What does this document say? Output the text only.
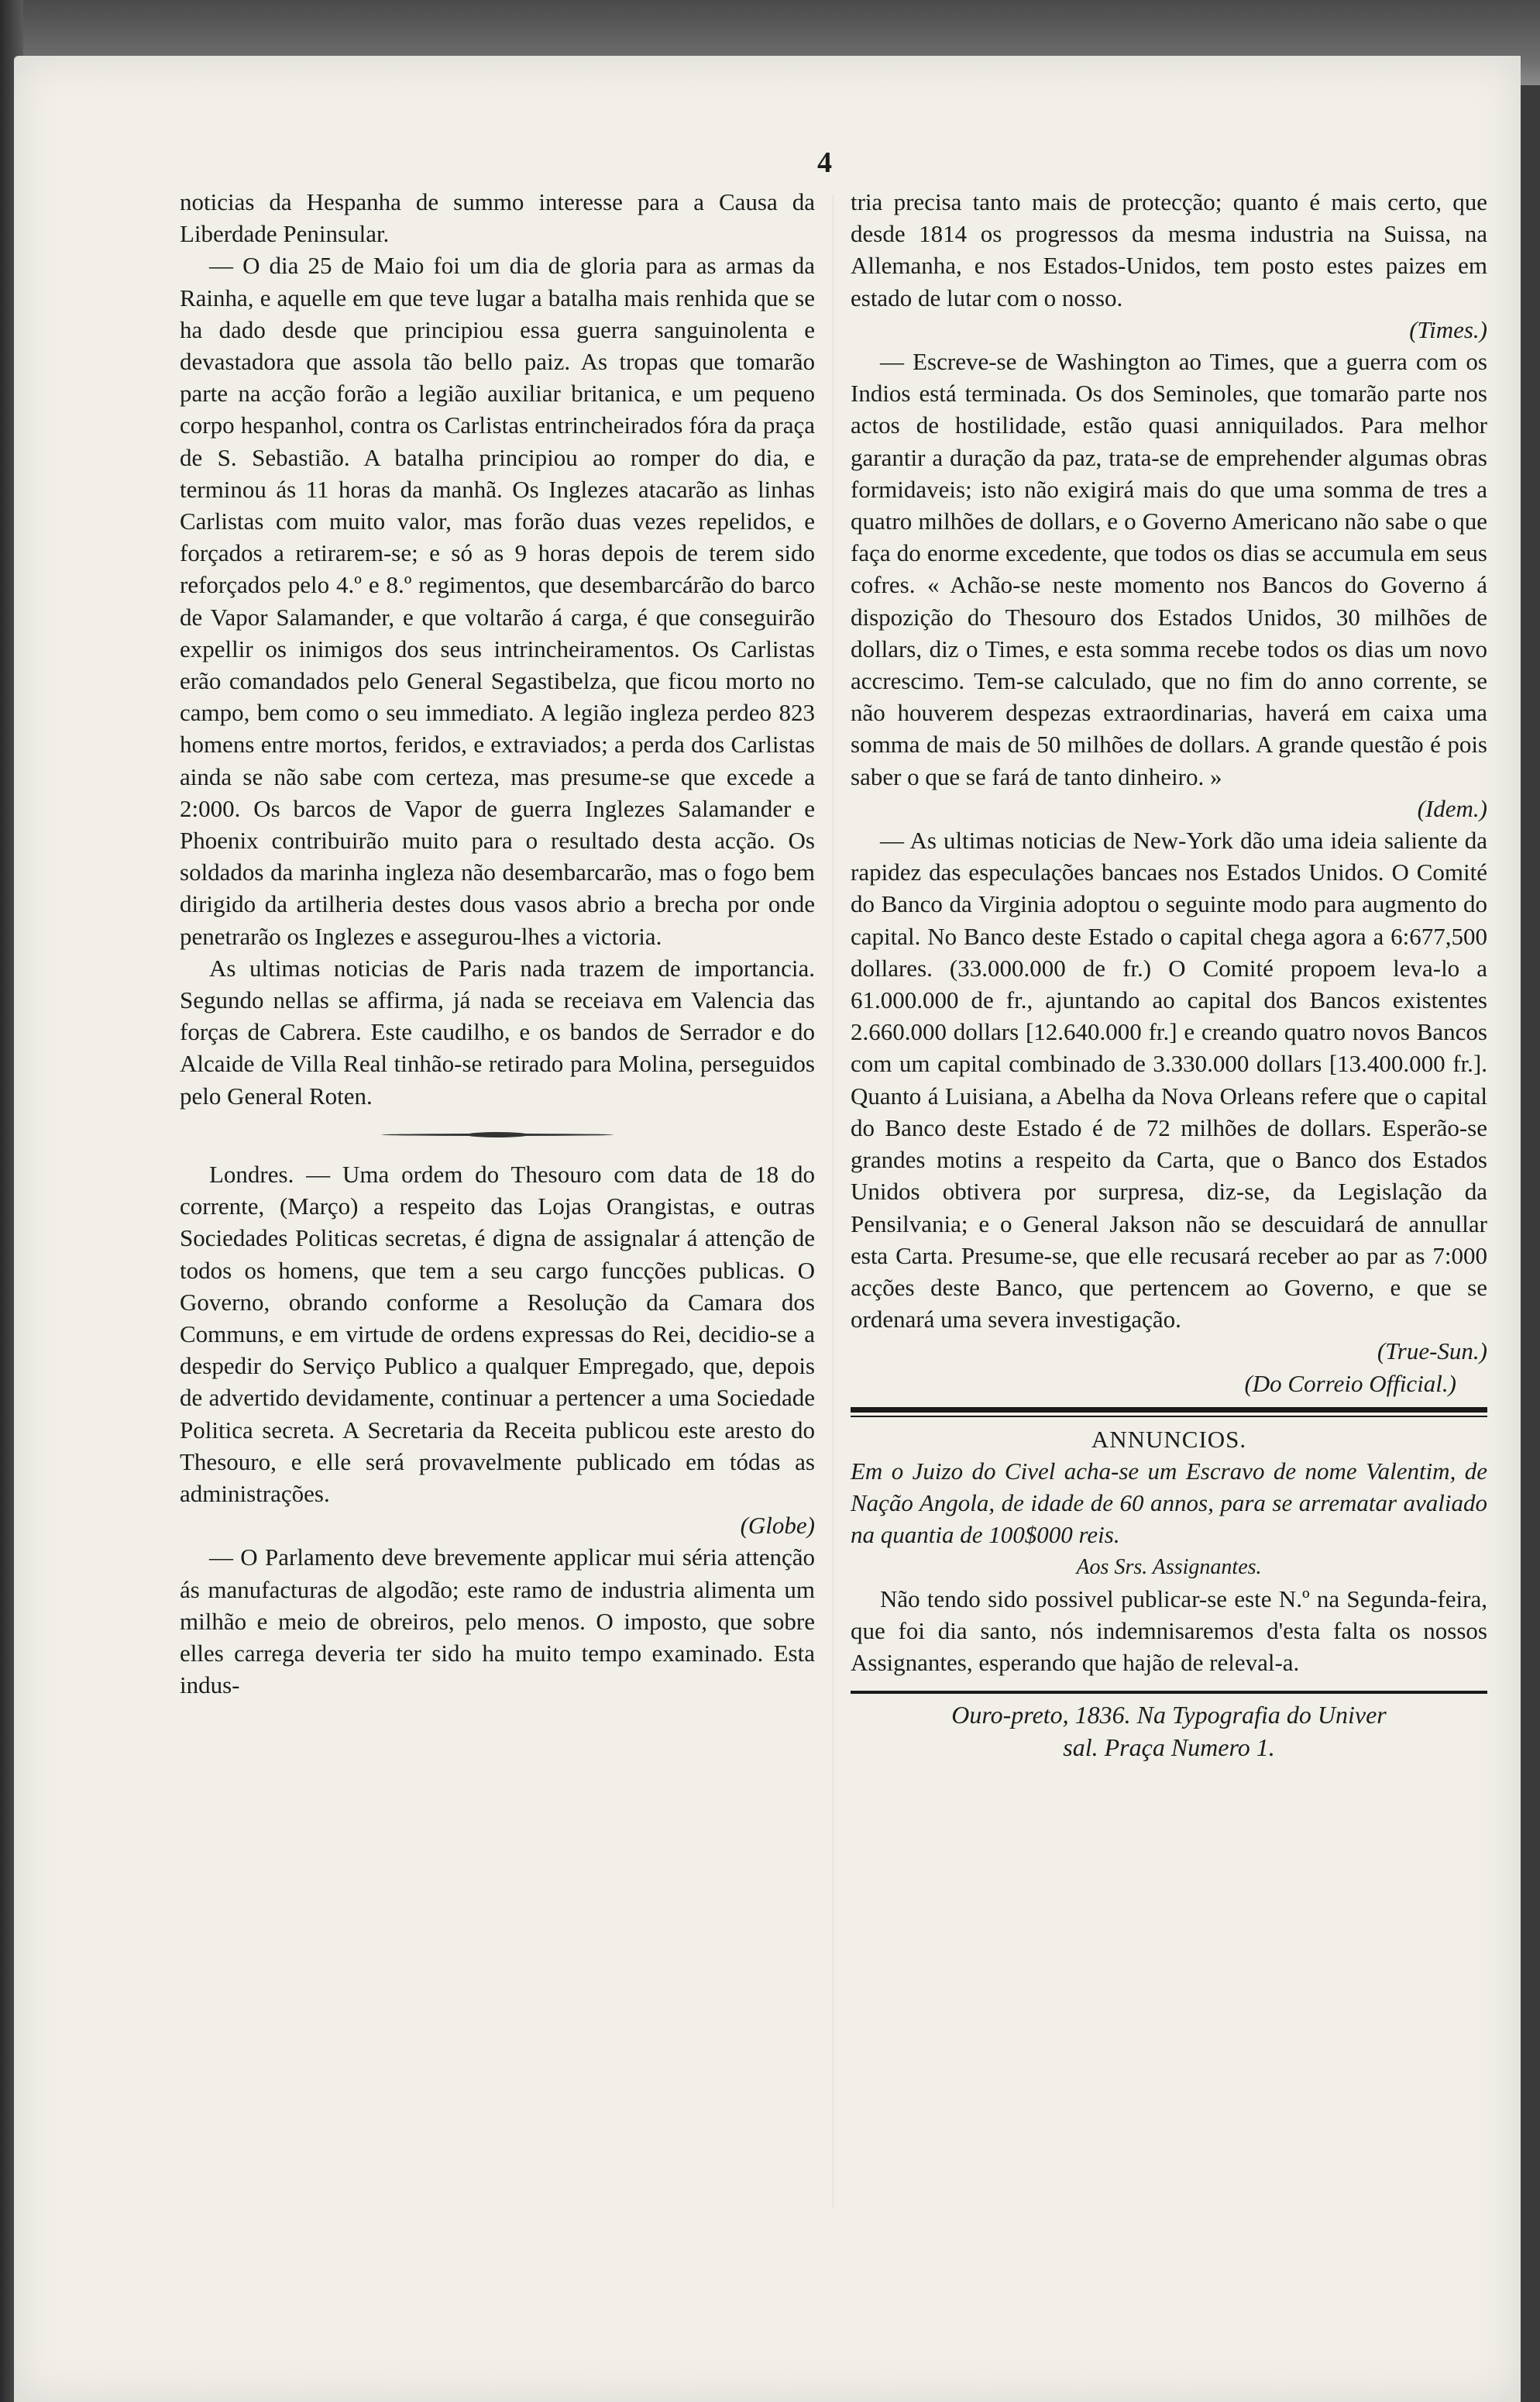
4

noticias da Hespanha de summo interesse para a Causa da Liberdade Peninsular.

— O dia 25 de Maio foi um dia de gloria para as armas da Rainha, e aquelle em que teve lugar a batalha mais renhida que se ha dado desde que principiou essa guerra sanguinolenta e devastadora que assola tão bello paiz. As tropas que tomarão parte na acção forão a legião auxiliar britanica, e um pequeno corpo hespanhol, contra os Carlistas entrincheirados fóra da praça de S. Sebastião. A batalha principiou ao romper do dia, e terminou ás 11 horas da manhã. Os Inglezes atacarão as linhas Carlistas com muito valor, mas forão duas vezes repelidos, e forçados a retirarem-se; e só as 9 horas depois de terem sido reforçados pelo 4.º e 8.º regimentos, que desembarcárão do barco de Vapor Salamander, e que voltarão á carga, é que conseguirão expellir os inimigos dos seus intrincheiramentos. Os Carlistas erão comandados pelo General Segastibelza, que ficou morto no campo, bem como o seu immediato. A legião ingleza perdeo 823 homens entre mortos, feridos, e extraviados; a perda dos Carlistas ainda se não sabe com certeza, mas presume-se que excede a 2:000. Os barcos de Vapor de guerra Inglezes Salamander e Phoenix contribuirão muito para o resultado desta acção. Os soldados da marinha ingleza não desembarcarão, mas o fogo bem dirigido da artilheria destes dous vasos abrio a brecha por onde penetrarão os Inglezes e assegurou-lhes a victoria.

As ultimas noticias de Paris nada trazem de importancia. Segundo nellas se affirma, já nada se receiava em Valencia das forças de Cabrera. Este caudilho, e os bandos de Serrador e do Alcaide de Villa Real tinhão-se retirado para Molina, perseguidos pelo General Roten.

Londres. — Uma ordem do Thesouro com data de 18 do corrente, (Março) a respeito das Lojas Orangistas, e outras Sociedades Politicas secretas, é digna de assignalar á attenção de todos os homens, que tem a seu cargo funcções publicas. O Governo, obrando conforme a Resolução da Camara dos Communs, e em virtude de ordens expressas do Rei, decidio-se a despedir do Serviço Publico a qualquer Empregado, que, depois de advertido devidamente, continuar a pertencer a uma Sociedade Politica secreta. A Secretaria da Receita publicou este aresto do Thesouro, e elle será provavelmente publicado em tódas as administrações.

(Globe)

— O Parlamento deve brevemente applicar mui séria attenção ás manufacturas de algodão; este ramo de industria alimenta um milhão e meio de obreiros, pelo menos. O imposto, que sobre elles carrega deveria ter sido ha muito tempo examinado. Esta indus-

tria precisa tanto mais de protecção; quanto é mais certo, que desde 1814 os progressos da mesma industria na Suissa, na Allemanha, e nos Estados-Unidos, tem posto estes paizes em estado de lutar com o nosso.

(Times.)

— Escreve-se de Washington ao Times, que a guerra com os Indios está terminada. Os dos Seminoles, que tomarão parte nos actos de hostilidade, estão quasi anniquilados. Para melhor garantir a duração da paz, trata-se de emprehender algumas obras formidaveis; isto não exigirá mais do que uma somma de tres a quatro milhões de dollars, e o Governo Americano não sabe o que faça do enorme excedente, que todos os dias se accumula em seus cofres. « Achão-se neste momento nos Bancos do Governo á dispozição do Thesouro dos Estados Unidos, 30 milhões de dollars, diz o Times, e esta somma recebe todos os dias um novo accrescimo. Tem-se calculado, que no fim do anno corrente, se não houverem despezas extraordinarias, haverá em caixa uma somma de mais de 50 milhões de dollars. A grande questão é pois saber o que se fará de tanto dinheiro. »

(Idem.)

— As ultimas noticias de New-York dão uma ideia saliente da rapidez das especulações bancaes nos Estados Unidos. O Comité do Banco da Virginia adoptou o seguinte modo para augmento do capital. No Banco deste Estado o capital chega agora a 6:677,500 dollares. (33.000.000 de fr.) O Comité propoem leva-lo a 61.000.000 de fr., ajuntando ao capital dos Bancos existentes 2.660.000 dollars [12.640.000 fr.] e creando quatro novos Bancos com um capital combinado de 3.330.000 dollars [13.400.000 fr.]. Quanto á Luisiana, a Abelha da Nova Orleans refere que o capital do Banco deste Estado é de 72 milhões de dollars. Esperão-se grandes motins a respeito da Carta, que o Banco dos Estados Unidos obtivera por surpresa, diz-se, da Legislação da Pensilvania; e o General Jakson não se descuidará de annullar esta Carta. Presume-se, que elle recusará receber ao par as 7:000 acções deste Banco, que pertencem ao Governo, e que se ordenará uma severa investigação.

(True-Sun.)

(Do Correio Official.)

ANNUNCIOS.

Em o Juizo do Civel acha-se um Escravo de nome Valentim, de Nação Angola, de idade de 60 annos, para se arrematar avaliado na quantia de 100$000 reis.

Aos Srs. Assignantes.

Não tendo sido possivel publicar-se este N.º na Segunda-feira, que foi dia santo, nós indemnisaremos d'esta falta os nossos Assignantes, esperando que hajão de releval-a.

Ouro-preto, 1836. Na Typografia do Univer

sal. Praça Numero 1.
